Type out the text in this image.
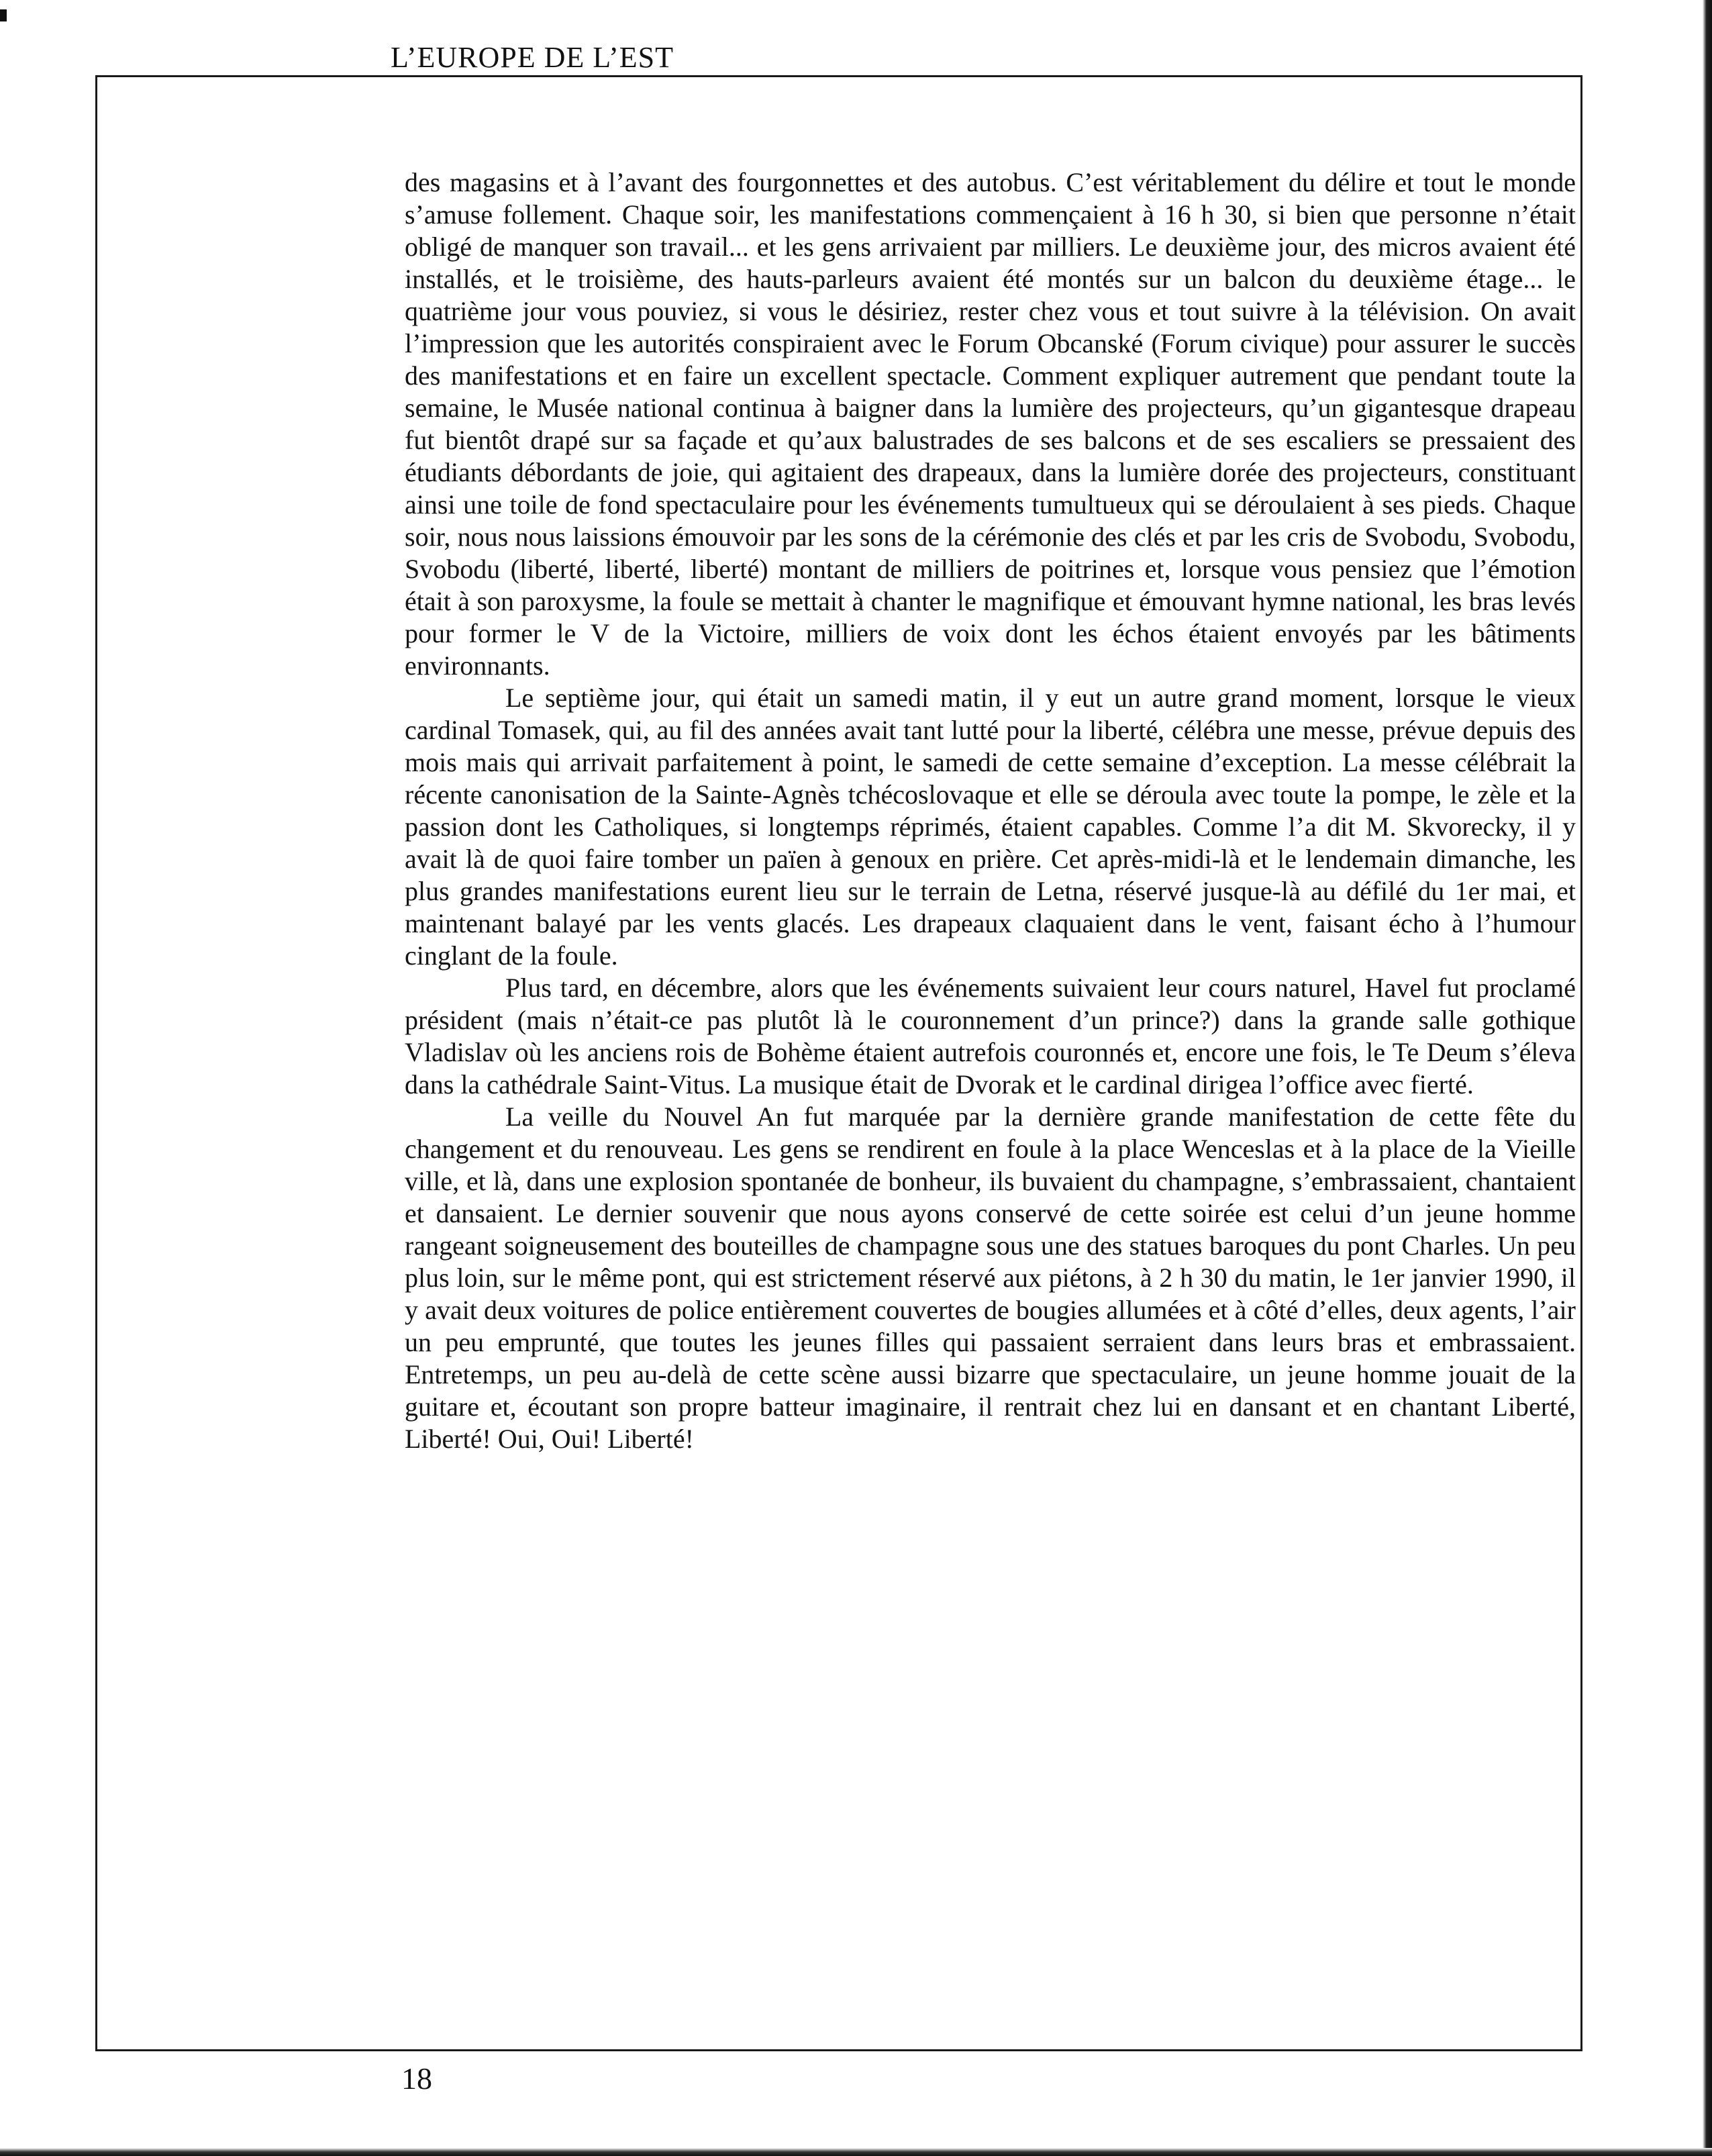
L’EUROPE DE L’EST

des magasins et à l’avant des fourgonnettes et des autobus. C’est véritablement du délire et tout le monde s’amuse follement. Chaque soir, les manifestations commençaient à 16 h 30, si bien que personne n’était obligé de manquer son travail... et les gens arrivaient par milliers. Le deuxième jour, des micros avaient été installés, et le troisième, des hauts-parleurs avaient été montés sur un balcon du deuxième étage... le quatrième jour vous pouviez, si vous le désiriez, rester chez vous et tout suivre à la télévision. On avait l’impression que les autorités conspiraient avec le Forum Obcanské (Forum civique) pour assurer le succès des manifestations et en faire un excellent spectacle. Comment expliquer autrement que pendant toute la semaine, le Musée national continua à baigner dans la lumière des projecteurs, qu’un gigantesque drapeau fut bientôt drapé sur sa façade et qu’aux balustrades de ses balcons et de ses escaliers se pressaient des étudiants débordants de joie, qui agitaient des drapeaux, dans la lumière dorée des projecteurs, constituant ainsi une toile de fond spectaculaire pour les événements tumultueux qui se déroulaient à ses pieds. Chaque soir, nous nous laissions émouvoir par les sons de la cérémonie des clés et par les cris de Svobodu, Svobodu, Svobodu (liberté, liberté, liberté) montant de milliers de poitrines et, lorsque vous pensiez que l’émotion était à son paroxysme, la foule se mettait à chanter le magnifique et émouvant hymne national, les bras levés pour former le V de la Victoire, milliers de voix dont les échos étaient envoyés par les bâtiments environnants.

Le septième jour, qui était un samedi matin, il y eut un autre grand moment, lorsque le vieux cardinal Tomasek, qui, au fil des années avait tant lutté pour la liberté, célébra une messe, prévue depuis des mois mais qui arrivait parfaitement à point, le samedi de cette semaine d’exception. La messe célébrait la récente canonisation de la Sainte-Agnès tchécoslovaque et elle se déroula avec toute la pompe, le zèle et la passion dont les Catholiques, si longtemps réprimés, étaient capables. Comme l’a dit M. Skvorecky, il y avait là de quoi faire tomber un païen à genoux en prière. Cet après-midi-là et le lendemain dimanche, les plus grandes manifestations eurent lieu sur le terrain de Letna, réservé jusque-là au défilé du 1er mai, et maintenant balayé par les vents glacés. Les drapeaux claquaient dans le vent, faisant écho à l’humour cinglant de la foule.

Plus tard, en décembre, alors que les événements suivaient leur cours naturel, Havel fut proclamé président (mais n’était-ce pas plutôt là le couronnement d’un prince?) dans la grande salle gothique Vladislav où les anciens rois de Bohème étaient autrefois couronnés et, encore une fois, le Te Deum s’éleva dans la cathédrale Saint-Vitus. La musique était de Dvorak et le cardinal dirigea l’office avec fierté.

La veille du Nouvel An fut marquée par la dernière grande manifestation de cette fête du changement et du renouveau. Les gens se rendirent en foule à la place Wenceslas et à la place de la Vieille ville, et là, dans une explosion spontanée de bonheur, ils buvaient du champagne, s’embrassaient, chantaient et dansaient. Le dernier souvenir que nous ayons conservé de cette soirée est celui d’un jeune homme rangeant soigneusement des bouteilles de champagne sous une des statues baroques du pont Charles. Un peu plus loin, sur le même pont, qui est strictement réservé aux piétons, à 2 h 30 du matin, le 1er janvier 1990, il y avait deux voitures de police entièrement couvertes de bougies allumées et à côté d’elles, deux agents, l’air un peu emprunté, que toutes les jeunes filles qui passaient serraient dans leurs bras et embrassaient. Entretemps, un peu au-delà de cette scène aussi bizarre que spectaculaire, un jeune homme jouait de la guitare et, écoutant son propre batteur imaginaire, il rentrait chez lui en dansant et en chantant Liberté, Liberté! Oui, Oui! Liberté!

18
